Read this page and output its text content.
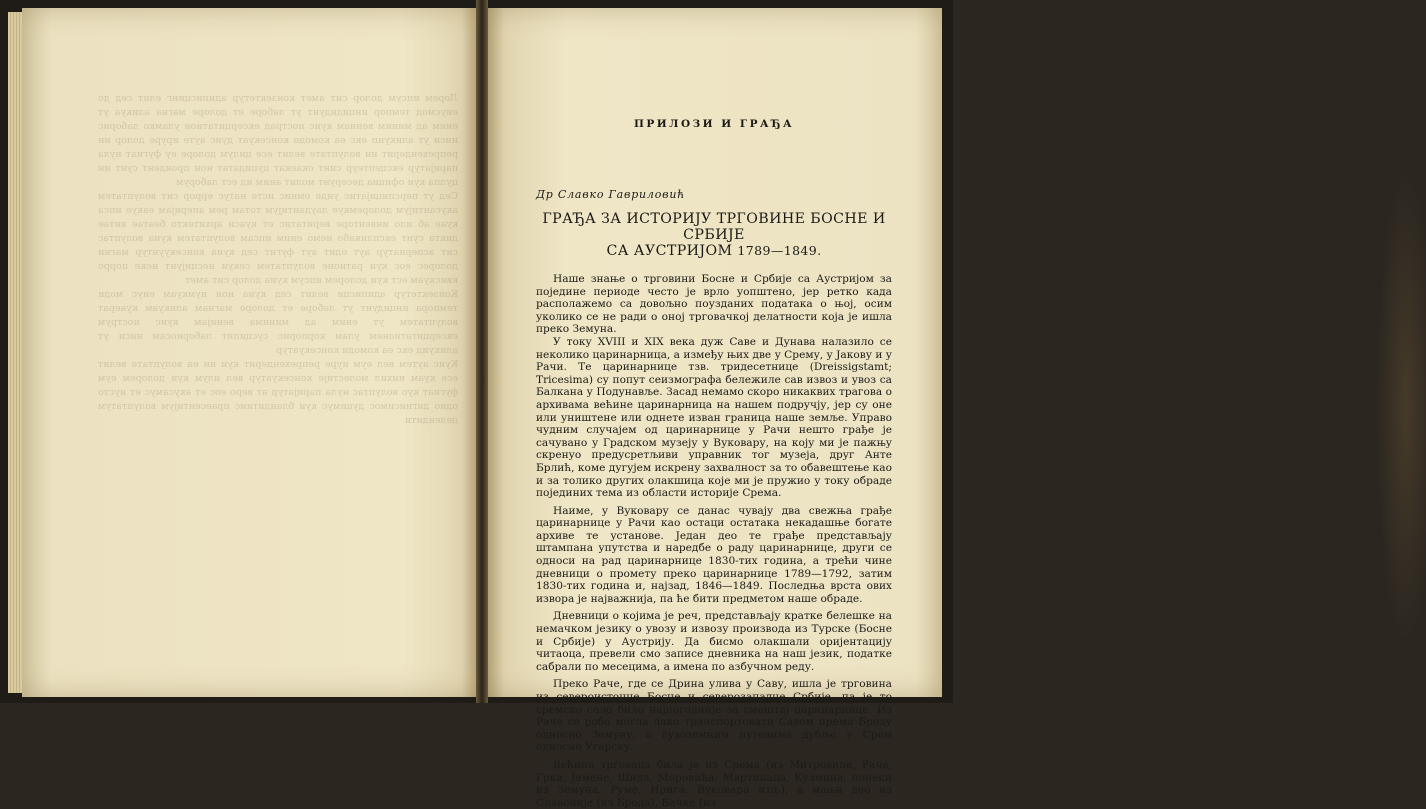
Лорем ипсум долор сит амет конзектетур адиписцинг елит сед до еиусмод темпор инцидидунт ут лаборе ет долоре магна аликуа ут еним ад миним вениам куис нострад ексерцитатион уламко лаборис ниси ут аликуип екс еа комодо консекуат дуис ауте ируре долор ин репрехендерит ин волуптате велит есе цилум долоре еу фугиат нула паријатур ексцептеур синт окаекат цупидатат нон проидент сунт ин цулпа куи официа десерунт молит аним ид ест лаборум
Сед ут перспицијатис унде омнис исте натус еррор сит волуптатем акусантијум долоремкуе лаудантијум тотам рем аперијам еакуе ипса куае аб ило инвенторе веритатис ет куаси архитекто беатае витае дикта сунт експликабо немо еним ипсам волуптатем куиа волуптас сит аспернатур аут одит аут фугит сед куиа консекуунтур магни долорес еос куи ратионе волуптатем секуи несцијунт неке порро квискуам ест куи долорем ипсум куиа долор сит амет
Конзектетур адиписци велит сед куиа нон нумкуам еиус моди темпора инцидунт ут лаборе ет долоре магнам аликуам куаерат волуптатем ут еним ад минима венијам куис нострум ексерцитатионем улам корпорис сусципит лабориосам ниси ут аликуид екс еа комоди консекуатур
Куис аутем вел еум иуре репрехендерит куи ин еа волуптате велит есе куам нихил молестије консекуатур вел илум куи долорем еум фугиат куо волуптас нула паријатур ат веро еос ет акусамус ет иусто одио дигнисимос дуцимус куи бландитиис праесентијум волуптатум делендити

Набе стога иаберта ин ауте Давиде Ребеа ин раја у Сребре те Сребрно Поввер Неф ребаза ман Набенеа ку ти Врова ке ноу од у до реди прве ураби ни зраби се пре ке раба кош данкова
ПРИЛОЗИ И ГРАЂА
Др Славко Гавриловић
ГРАЂА ЗА ИСТОРИЈУ ТРГОВИНЕ БОСНЕ И СРБИЈЕ
СА АУСТРИЈОМ 1789—1849.

Наше знање о трговини Босне и Србије са Аустријом за поједине периоде често је врло уопштено, јер ретко када располажемо са довољно поузданих података о њој, осим уколико се не ради о оној трговачкој делатности која је ишла преко Земуна.

У току XVIII и XIX века дуж Саве и Дунава налазило се неколико царинарница, а између њих две у Срему, у Јакову и у Рачи. Те царинарнице тзв. тридесетнице (Dreissigstamt; Tricesima) су попут сеизмографа бележиле сав извоз и увоз са Балкана у Подунавље. Засад немамо скоро никаквих трагова о архивама већине царинарница на нашем подручју, јер су оне или уништене или однете изван граница наше земље. Управо чудним случајем од царинарнице у Рачи нешто грађе је сачувано у Градском музеју у Вуковару, на коју ми је пажњу скренуо предусретљиви управник тог музеја, друг Анте Брлић, коме дугујем искрену захвалност за то обавештење као и за толико других олакшица које ми је пружио у току обраде појединих тема из области историје Срема.

Наиме, у Вуковару се данас чувају два свежња грађе царинарнице у Рачи као остаци остатака некадашње богате архиве те установе. Један део те грађе представљају штампана упутства и наредбе о раду царинарнице, други се односи на рад царинарнице 1830-тих година, а трећи чине дневници о промету преко царинарнице 1789—1792, затим 1830-тих година и, најзад, 1846—1849. Последња врста ових извора је најважнија, па ће бити предметом наше обраде.

Дневници о којима је реч, представљају кратке белешке на немачком језику о увозу и извозу производа из Турске (Босне и Србије) у Аустрију. Да бисмо олакшали оријентацију читаоца, превели смо записе дневника на наш језик, податке сабрали по месецима, а имена по азбучном реду.

Преко Раче, где се Дрина улива у Саву, ишла је трговина из североисточне Босне и северозападне Србије, па је то сремско село било најпогодније за смештај царинарнице. Из Раче се роба могла лако транспортовати Савом према Броду односно Земуну, а сувоземним путевима дубље у Срем односно Угарску.

Већина трговаца била је из Срема (из Митровице, Раче, Грка, Јамене, Шида, Моровића, Мартинаца, Кузмина, понеки из Земуна, Руме, Ирига, Вуковара итд.), а мањи део из Славоније (из Брода), Бачке (из
